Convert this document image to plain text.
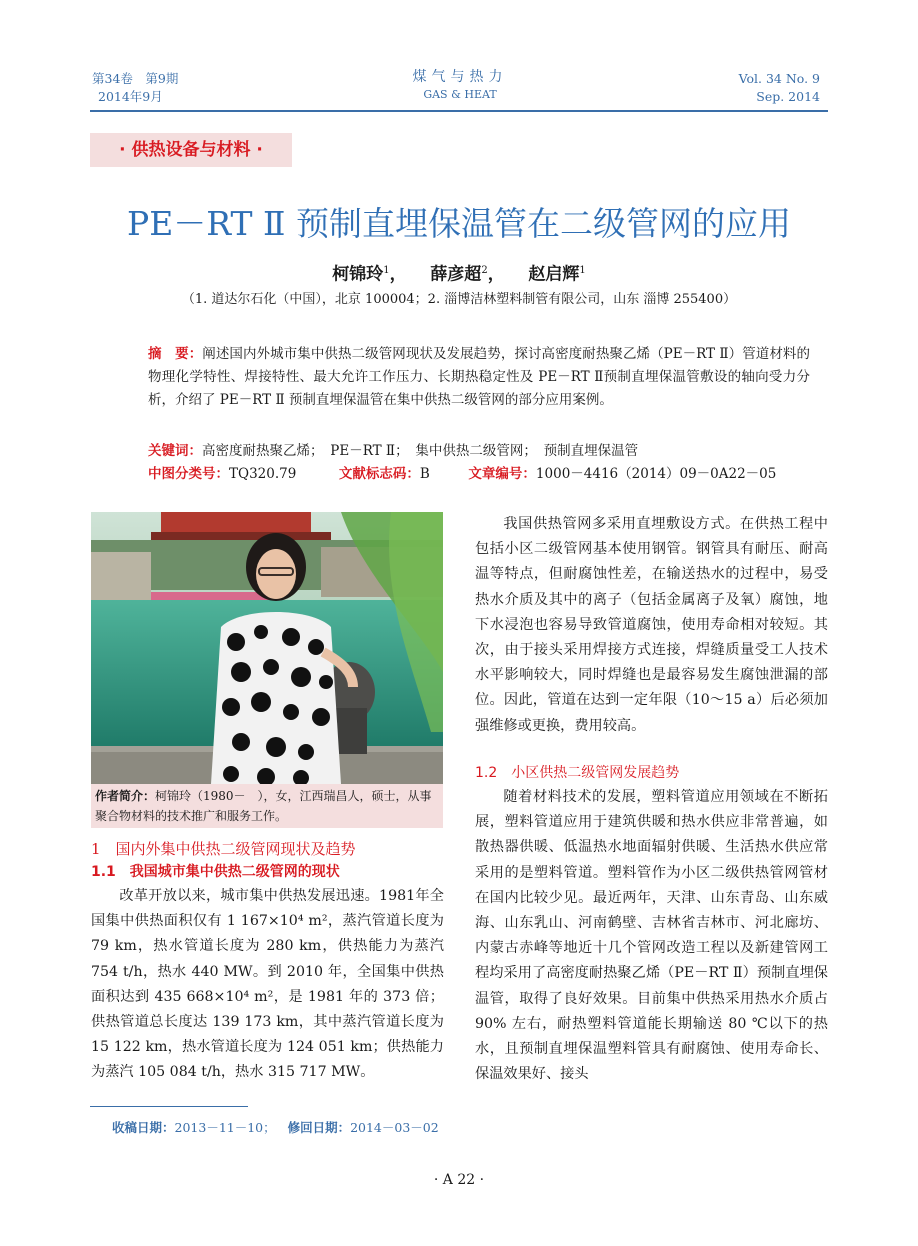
第34卷　第9期
2014年9月
煤气与热力
GAS & HEAT
Vol. 34 No. 9
Sep. 2014
· 供热设备与材料 ·
PE－RT Ⅱ 预制直埋保温管在二级管网的应用
柯锦玲$^1$，    薛彦超$^2$，    赵启辉$^1$
（1. 道达尔石化（中国），北京 100004；2. 淄博洁林塑料制管有限公司，山东 淄博 255400）
摘　要：阐述国内外城市集中供热二级管网现状及发展趋势，探讨高密度耐热聚乙烯（PE－RT Ⅱ）管道材料的物理化学特性、焊接特性、最大允许工作压力、长期热稳定性及 PE－RT Ⅱ预制直埋保温管敷设的轴向受力分析，介绍了 PE－RT Ⅱ 预制直埋保温管在集中供热二级管网的部分应用案例。
关键词：高密度耐热聚乙烯；　PE－RT Ⅱ；　集中供热二级管网；　预制直埋保温管
中图分类号：TQ320.79	文献标志码：B	文章编号：1000－4416（2014）09－0A22－05
作者简介：柯锦玲（1980－　），女，江西瑞昌人，硕士，从事聚合物材料的技术推广和服务工作。
1　国内外集中供热二级管网现状及趋势
1.1　我国城市集中供热二级管网的现状

改革开放以来，城市集中供热发展迅速。1981年全国集中供热面积仅有 1 167×10⁴ m²，蒸汽管道长度为 79 km，热水管道长度为 280 km，供热能力为蒸汽 754 t/h，热水 440 MW。到 2010 年，全国集中供热面积达到 435 668×10⁴ m²，是 1981 年的 373 倍；供热管道总长度达 139 173 km，其中蒸汽管道长度为 15 122 km，热水管道长度为 124 051 km；供热能力为蒸汽 105 084 t/h，热水 315 717 MW。

我国供热管网多采用直埋敷设方式。在供热工程中包括小区二级管网基本使用钢管。钢管具有耐压、耐高温等特点，但耐腐蚀性差，在输送热水的过程中，易受热水介质及其中的离子（包括金属离子及氧）腐蚀，地下水浸泡也容易导致管道腐蚀，使用寿命相对较短。其次，由于接头采用焊接方式连接，焊缝质量受工人技术水平影响较大，同时焊缝也是最容易发生腐蚀泄漏的部位。因此，管道在达到一定年限（10～15 a）后必须加强维修或更换，费用较高。

1.2　小区供热二级管网发展趋势

随着材料技术的发展，塑料管道应用领域在不断拓展，塑料管道应用于建筑供暖和热水供应非常普遍，如散热器供暖、低温热水地面辐射供暖、生活热水供应常采用的是塑料管道。塑料管作为小区二级供热管网管材在国内比较少见。最近两年，天津、山东青岛、山东威海、山东乳山、河南鹤壁、吉林省吉林市、河北廊坊、内蒙古赤峰等地近十几个管网改造工程以及新建管网工程均采用了高密度耐热聚乙烯（PE－RT Ⅱ）预制直埋保温管，取得了良好效果。目前集中供热采用热水介质占 90% 左右，耐热塑料管道能长期输送 80 ℃以下的热水，且预制直埋保温塑料管具有耐腐蚀、使用寿命长、保温效果好、接头

收稿日期：2013－11－10； 修回日期：2014－03－02
· A 22 ·
